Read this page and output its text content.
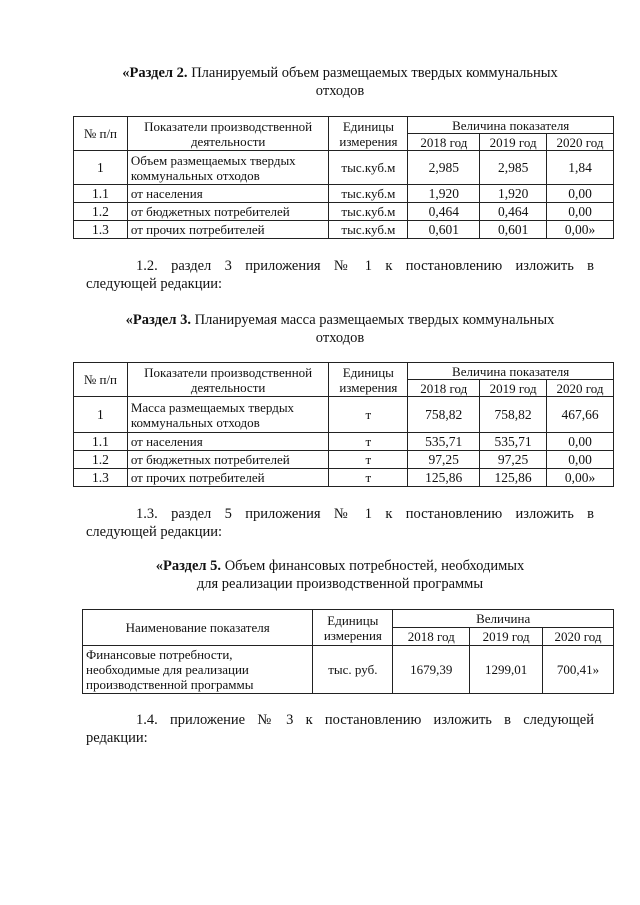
«Раздел 2. Планируемый объем размещаемых твердых коммунальных
отходов
№ п/п	Показатели производственной деятельности	Единицы измерения	Величина показателя		
			2018 год	2019 год	2020 год
1	Объем размещаемых твердых коммунальных отходов	тыс.куб.м	2,985	2,985	1,84
1.1	от населения	тыс.куб.м	1,920	1,920	0,00
1.2	от бюджетных потребителей	тыс.куб.м	0,464	0,464	0,00
1.3	от прочих потребителей	тыс.куб.м	0,601	0,601	0,00»
1.2. раздел 3 приложения № 1 к постановлению изложить в
следующей редакции:
«Раздел 3. Планируемая масса размещаемых твердых коммунальных
отходов
№ п/п	Показатели производственной деятельности	Единицы измерения	Величина показателя		
			2018 год	2019 год	2020 год
1	Масса размещаемых твердых коммунальных отходов	т	758,82	758,82	467,66
1.1	от населения	т	535,71	535,71	0,00
1.2	от бюджетных потребителей	т	97,25	97,25	0,00
1.3	от прочих потребителей	т	125,86	125,86	0,00»
1.3. раздел 5 приложения № 1 к постановлению изложить в
следующей редакции:
«Раздел 5. Объем финансовых потребностей, необходимых
для реализации производственной программы
Наименование показателя	Единицы измерения	Величина		
		2018 год	2019 год	2020 год
Финансовые потребности, необходимые для реализации производственной программы	тыс. руб.	1679,39	1299,01	700,41»
1.4. приложение № 3 к постановлению изложить в следующей
редакции:
